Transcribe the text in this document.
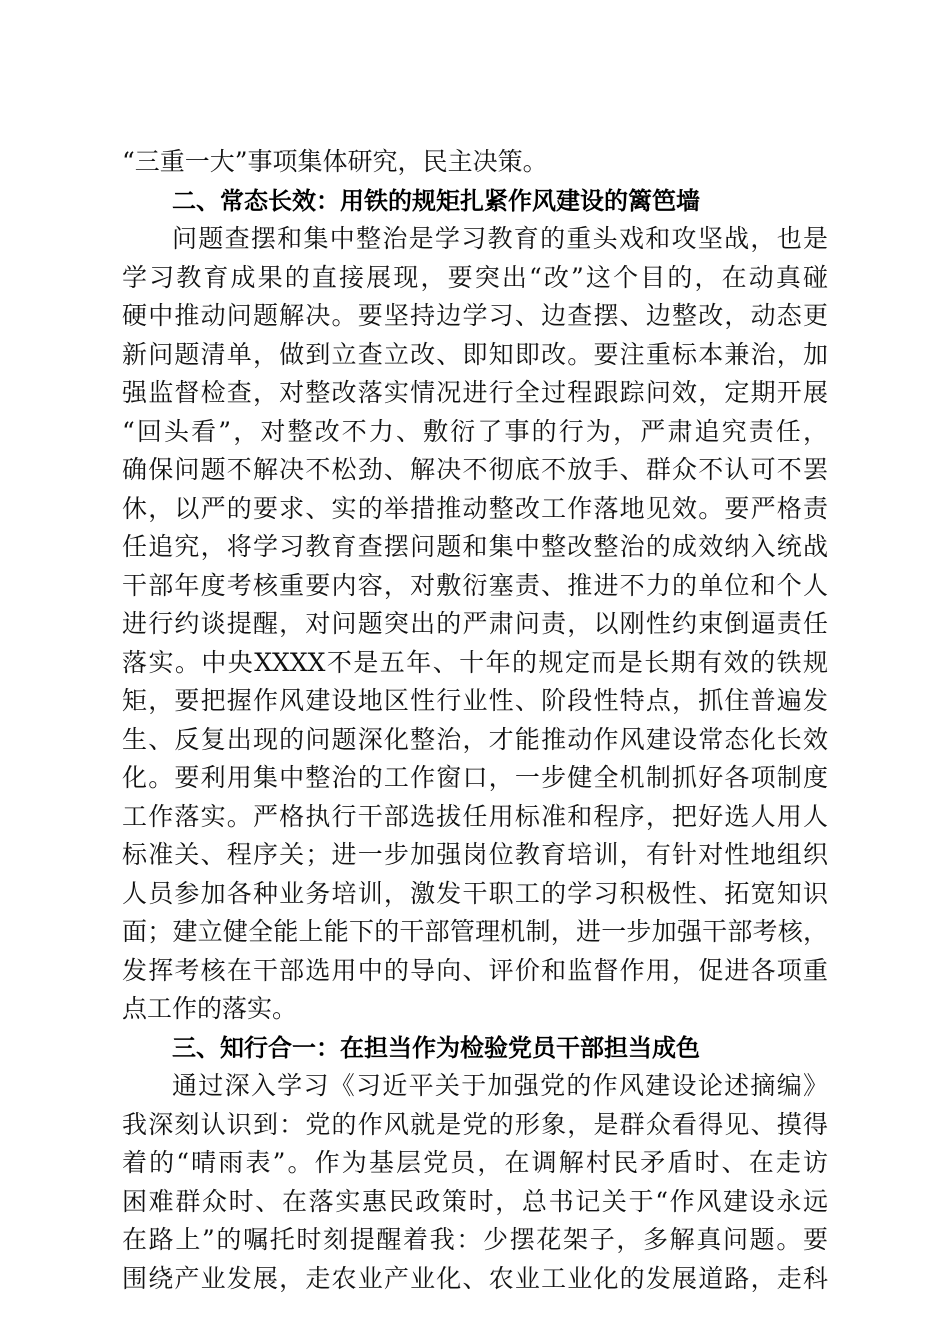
“三重一大”事项集体研究，民主决策。
二、常态长效：用铁的规矩扎紧作风建设的篱笆墙
问题查摆和集中整治是学习教育的重头戏和攻坚战，也是
学习教育成果的直接展现，要突出“改”这个目的，在动真碰
硬中推动问题解决。要坚持边学习、边查摆、边整改，动态更
新问题清单，做到立查立改、即知即改。要注重标本兼治，加
强监督检查，对整改落实情况进行全过程跟踪问效，定期开展
“回头看”，对整改不力、敷衍了事的行为，严肃追究责任，
确保问题不解决不松劲、解决不彻底不放手、群众不认可不罢
休，以严的要求、实的举措推动整改工作落地见效。要严格责
任追究，将学习教育查摆问题和集中整改整治的成效纳入统战
干部年度考核重要内容，对敷衍塞责、推进不力的单位和个人
进行约谈提醒，对问题突出的严肃问责，以刚性约束倒逼责任
落实。中央XXXX不是五年、十年的规定而是长期有效的铁规
矩，要把握作风建设地区性行业性、阶段性特点，抓住普遍发
生、反复出现的问题深化整治，才能推动作风建设常态化长效
化。要利用集中整治的工作窗口，一步健全机制抓好各项制度
工作落实。严格执行干部选拔任用标准和程序，把好选人用人
标准关、程序关；进一步加强岗位教育培训，有针对性地组织
人员参加各种业务培训，激发干职工的学习积极性、拓宽知识
面；建立健全能上能下的干部管理机制，进一步加强干部考核，
发挥考核在干部选用中的导向、评价和监督作用，促进各项重
点工作的落实。
三、知行合一：在担当作为检验党员干部担当成色
通过深入学习《习近平关于加强党的作风建设论述摘编》
我深刻认识到：党的作风就是党的形象，是群众看得见、摸得
着的“晴雨表”。作为基层党员，在调解村民矛盾时、在走访
困难群众时、在落实惠民政策时，总书记关于“作风建设永远
在路上”的嘱托时刻提醒着我：少摆花架子，多解真问题。要
围绕产业发展，走农业产业化、农业工业化的发展道路，走科
